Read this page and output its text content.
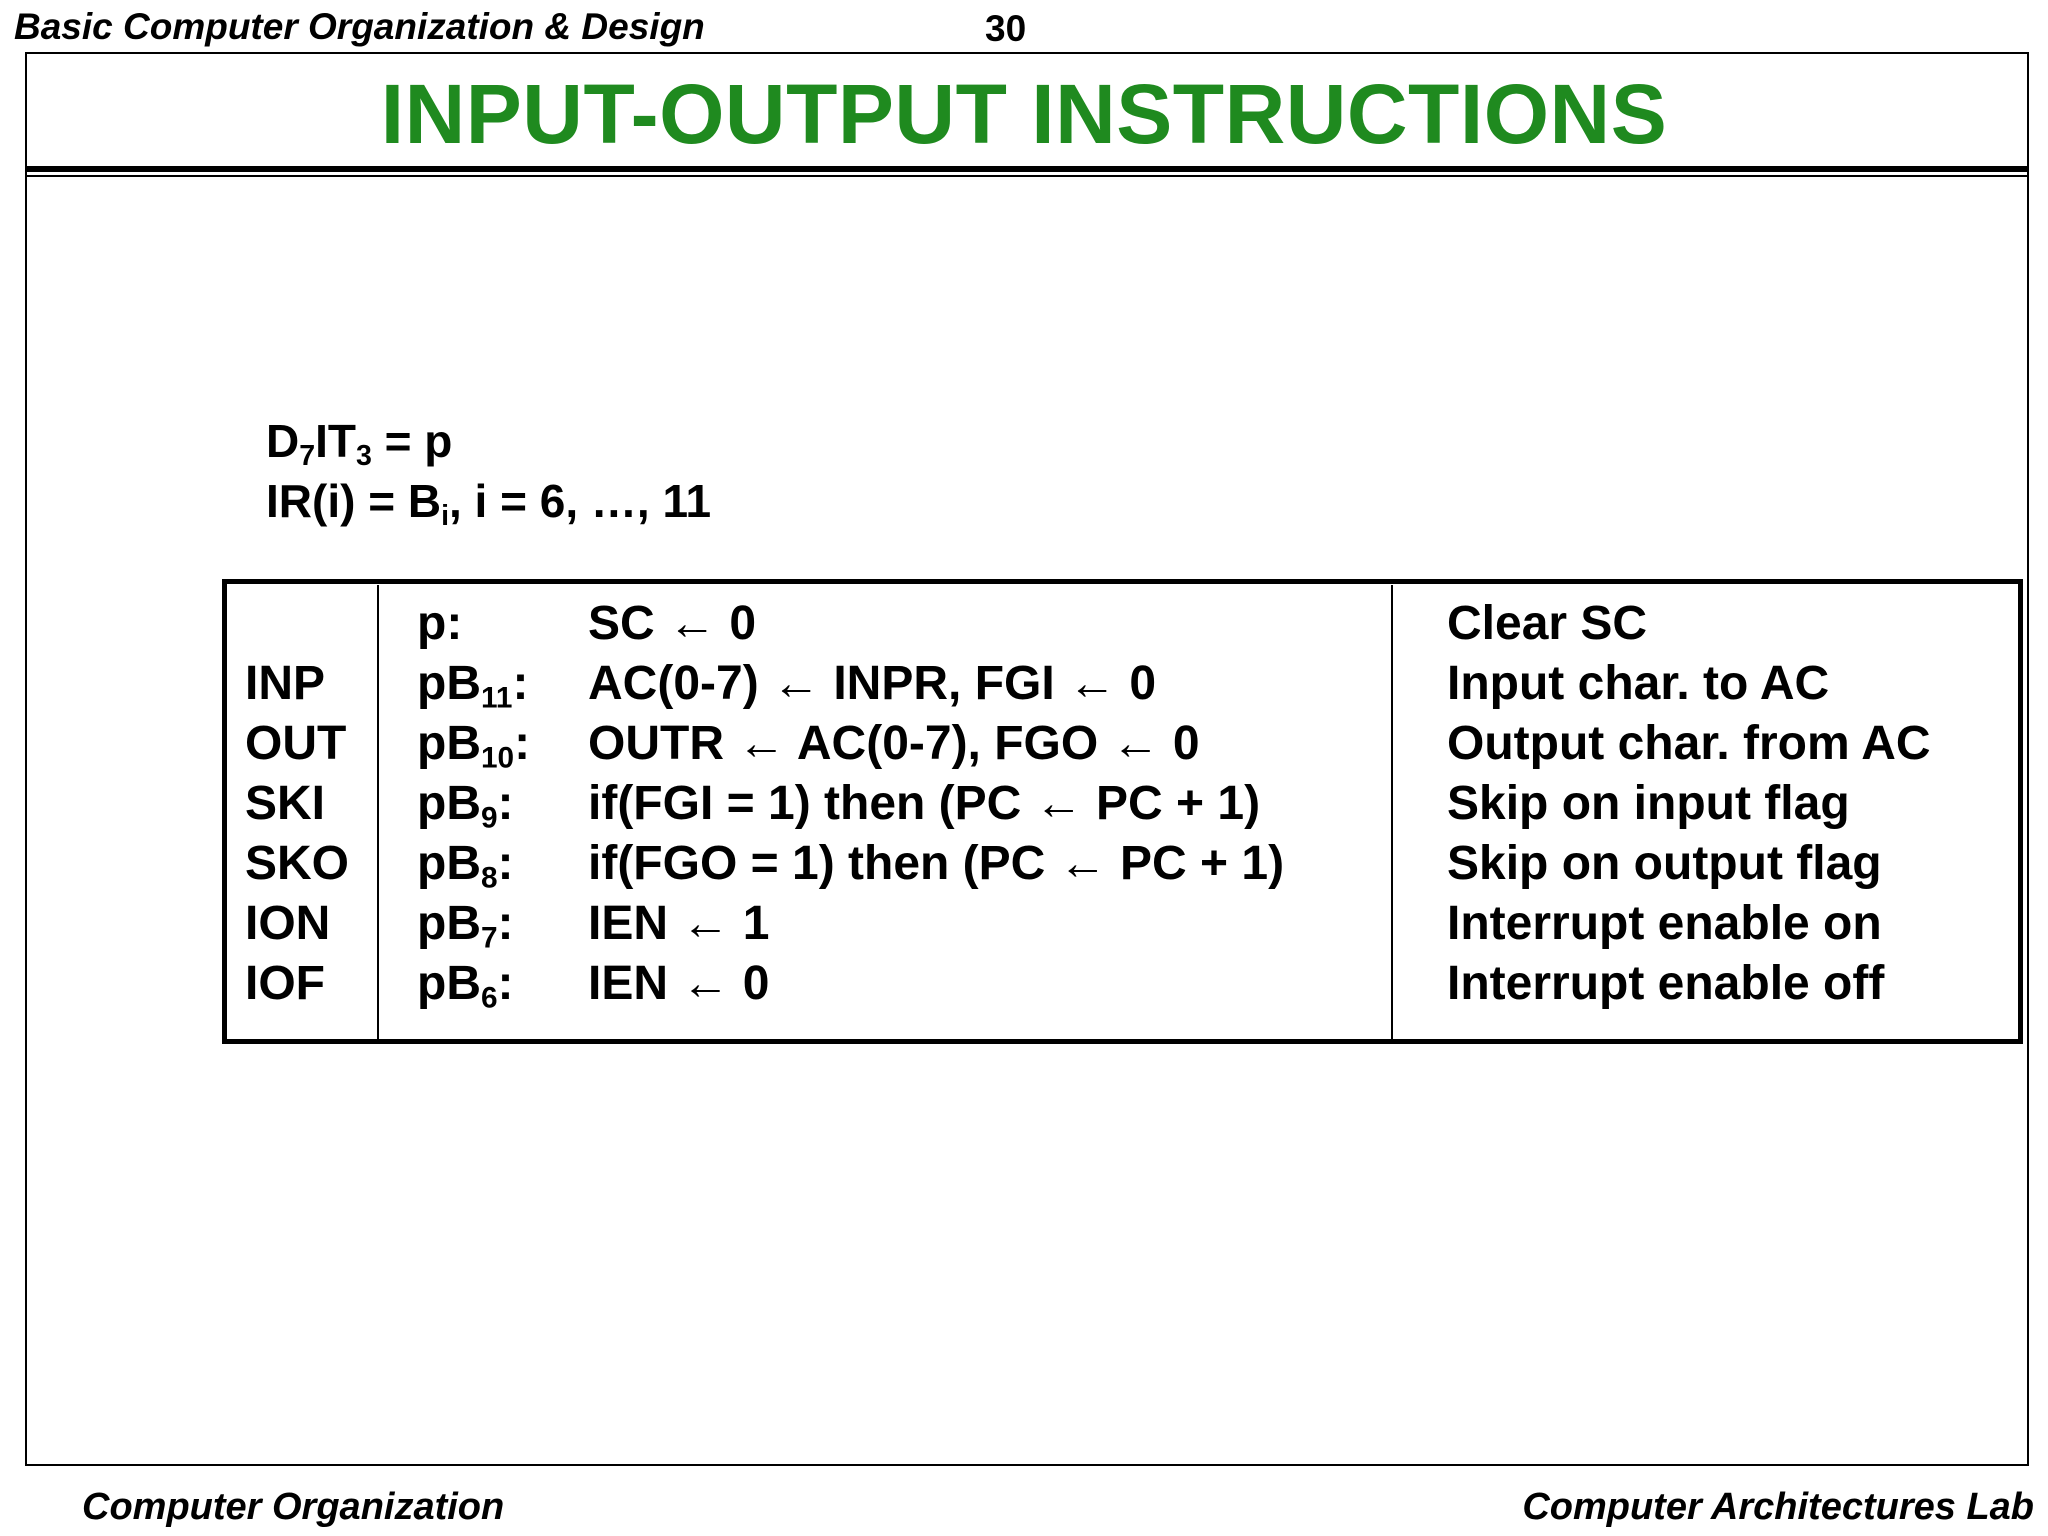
Basic Computer Organization & Design	30
INPUT-OUTPUT INSTRUCTIONS
$D_7IT_3 = p$
$IR(i) = B_i$, i = 6, …, 11
p:	SC ← 0	Clear SC
INP $pB_{11}$: AC(0-7) ← INPR, FGI ← 0	Input char. to AC
OUT $pB_{10}$: OUTR ← AC(0-7), FGO ← 0	Output char. from AC
SKI $pB_9$: if(FGI = 1) then (PC ← PC + 1)	Skip on input flag
SKO $pB_8$: if(FGO = 1) then (PC ← PC + 1)	Skip on output flag
ION $pB_7$: IEN ← 1	Interrupt enable on
IOF $pB_6$: IEN ← 0	Interrupt enable off
Computer Organization	Computer Architectures Lab
